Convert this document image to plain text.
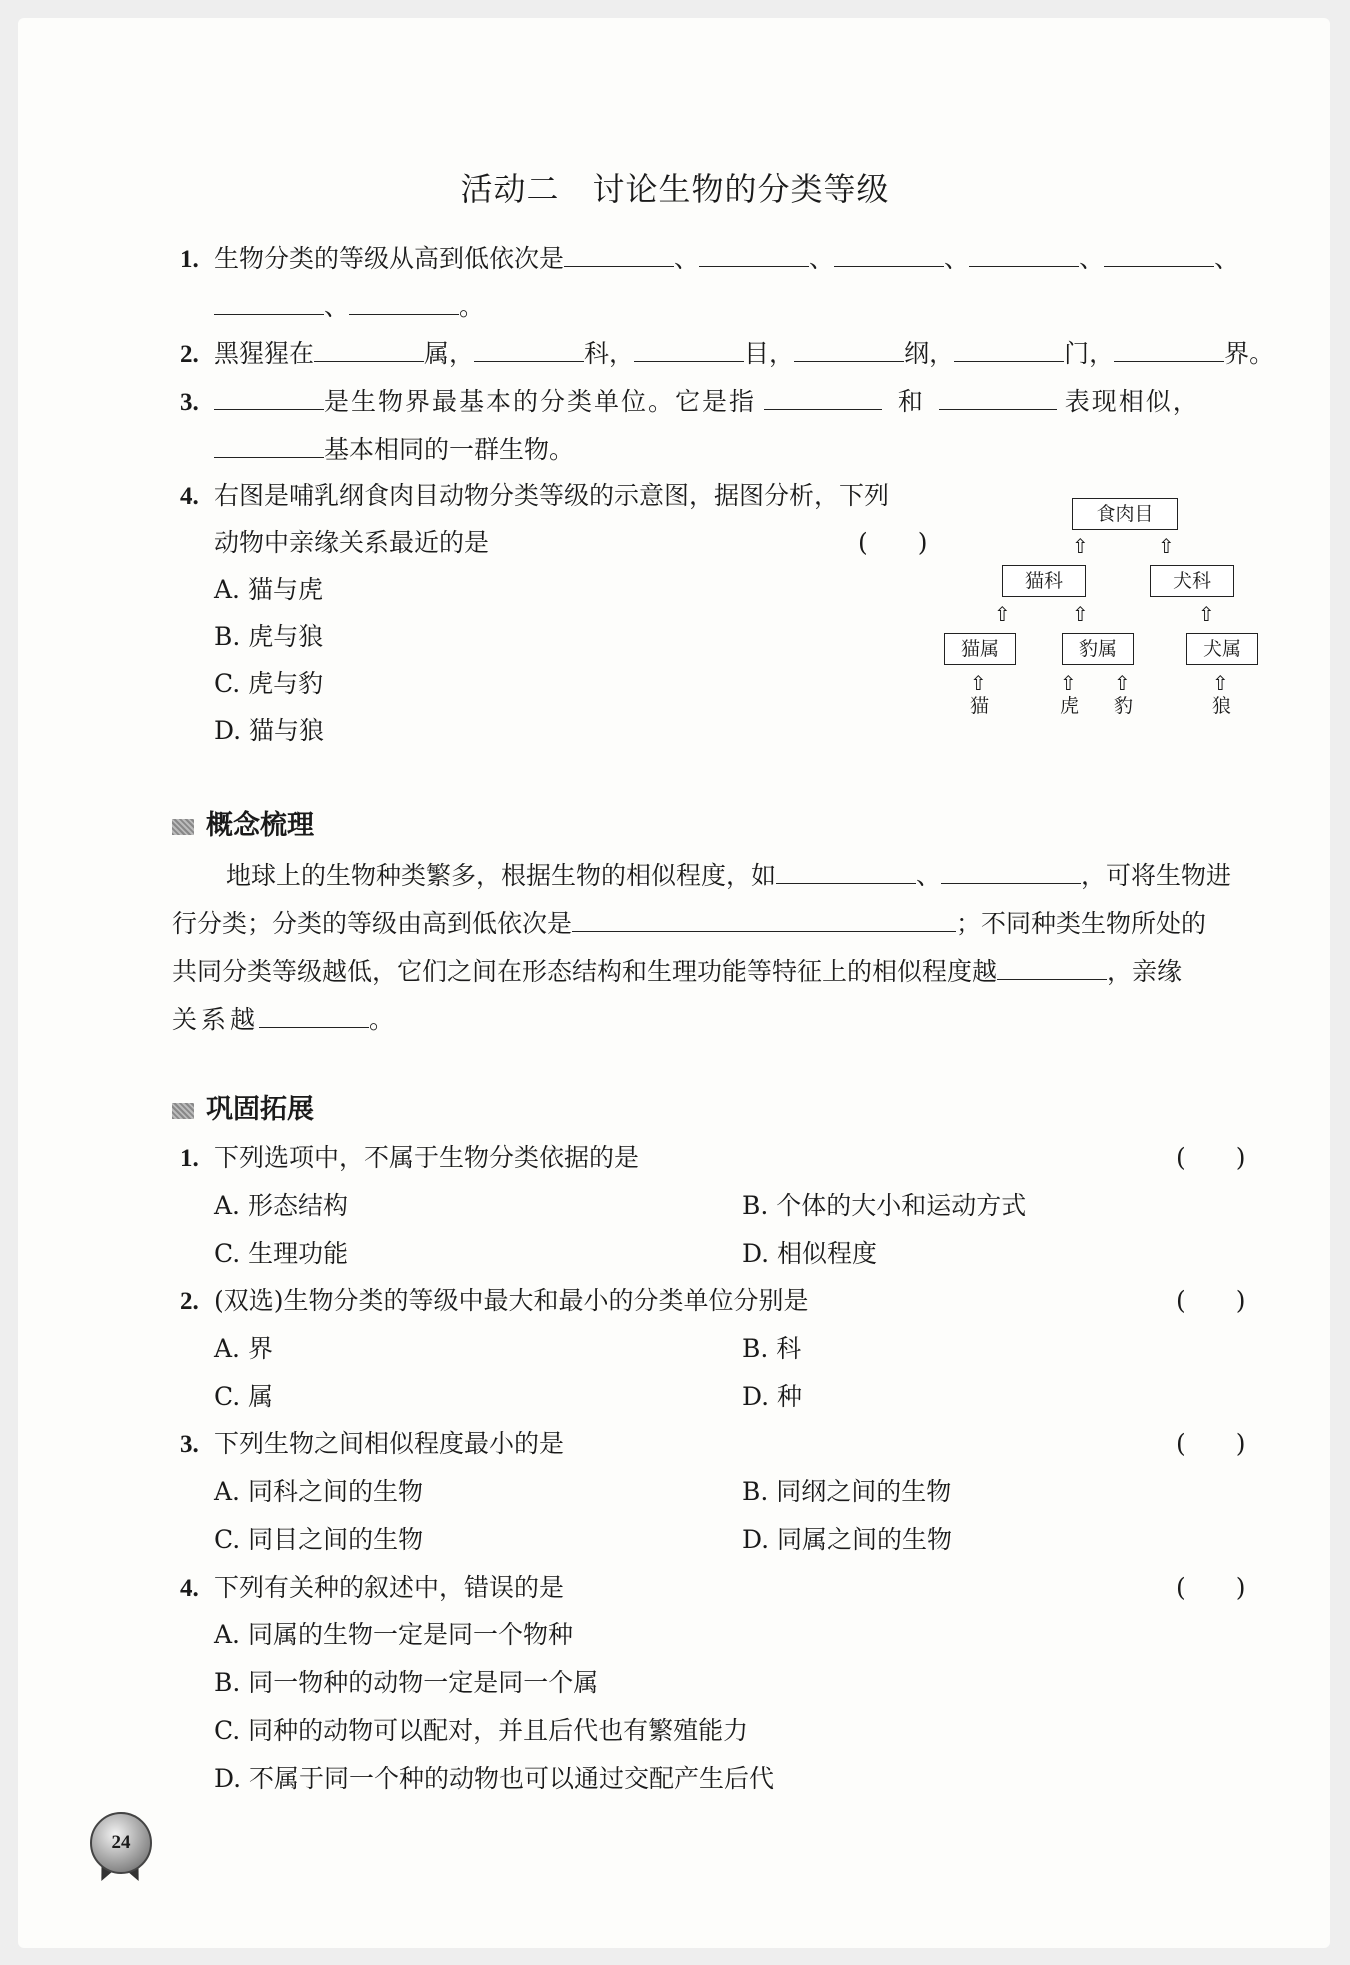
活动二　讨论生物的分类等级
1. 生物分类的等级从高到低依次是	、	、	、	、	、
、	。
2. 黑猩猩在	属，	科，	目，	纲，	门，	界。
3.	是生物界最基本的分类单位。它是指	和	表现相似，
基本相同的一群生物。
4. 右图是哺乳纲食肉目动物分类等级的示意图，据图分析，下列
动物中亲缘关系最近的是	(　　)
A. 猫与虎
B. 虎与狼
C. 虎与豹
D. 猫与狼
食肉目
⇧	⇧
猫科	犬科
⇧	⇧	⇧
猫属	豹属	犬属
⇧	⇧ ⇧	⇧
猫	虎 豹	狼
概念梳理
地球上的生物种类繁多，根据生物的相似程度，如	、	，可将生物进
行分类；分类的等级由高到低依次是	；不同种类生物所处的
共同分类等级越低，它们之间在形态结构和生理功能等特征上的相似程度越	，亲缘
关系越	。
巩固拓展
1. 下列选项中，不属于生物分类依据的是	(　　)
A. 形态结构	B. 个体的大小和运动方式
C. 生理功能	D. 相似程度
2. (双选)生物分类的等级中最大和最小的分类单位分别是	(　　)
A. 界	B. 科
C. 属	D. 种
3. 下列生物之间相似程度最小的是	(　　)
A. 同科之间的生物	B. 同纲之间的生物
C. 同目之间的生物	D. 同属之间的生物
4. 下列有关种的叙述中，错误的是	(　　)
A. 同属的生物一定是同一个物种
B. 同一物种的动物一定是同一个属
C. 同种的动物可以配对，并且后代也有繁殖能力
D. 不属于同一个种的动物也可以通过交配产生后代
24
